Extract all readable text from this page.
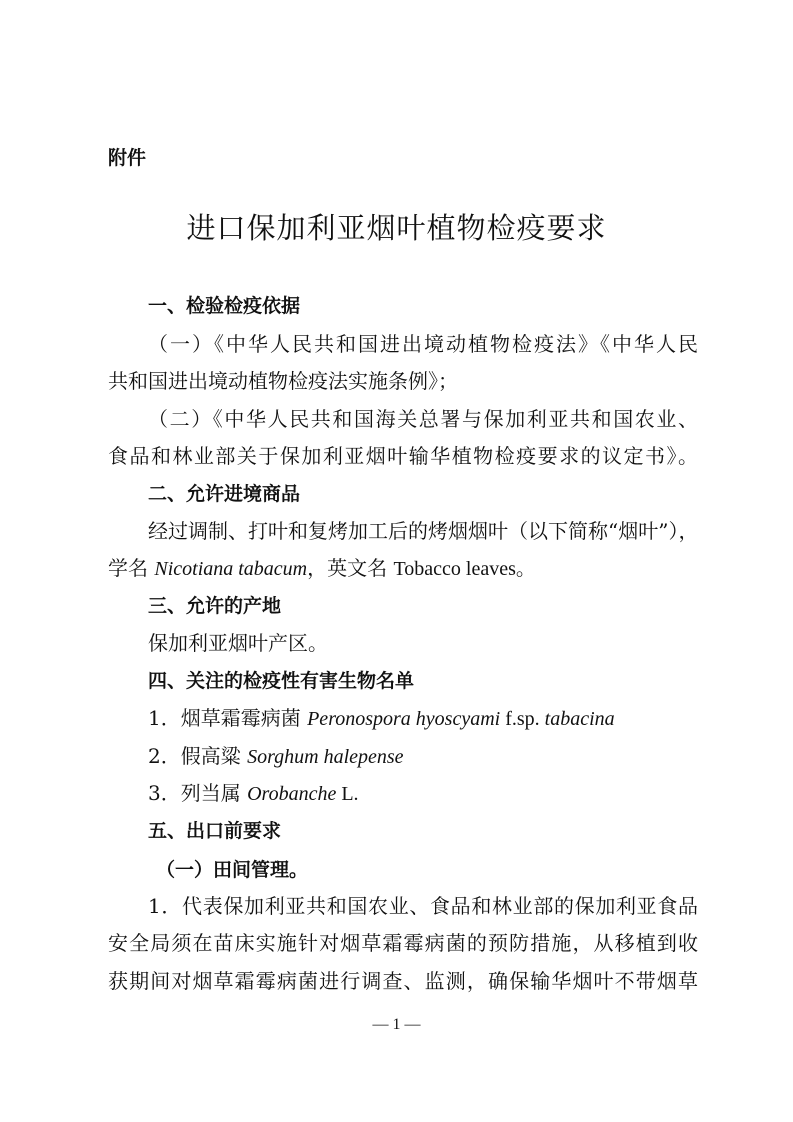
附件
进口保加利亚烟叶植物检疫要求
一、检验检疫依据
（一）《中华人民共和国进出境动植物检疫法》《中华人民
共和国进出境动植物检疫法实施条例》；
（二）《中华人民共和国海关总署与保加利亚共和国农业、
食品和林业部关于保加利亚烟叶输华植物检疫要求的议定书》。
二、允许进境商品
经过调制、打叶和复烤加工后的烤烟烟叶（以下简称“烟叶”），
学名 Nicotiana tabacum，英文名 Tobacco leaves。
三、允许的产地
保加利亚烟叶产区。
四、关注的检疫性有害生物名单
1．烟草霜霉病菌 Peronospora hyoscyami f.sp. tabacina
2．假高粱 Sorghum halepense
3．列当属 Orobanche L.
五、出口前要求
（一）田间管理。
1．代表保加利亚共和国农业、食品和林业部的保加利亚食品
安全局须在苗床实施针对烟草霜霉病菌的预防措施，从移植到收
获期间对烟草霜霉病菌进行调查、监测，确保输华烟叶不带烟草
— 1 —
